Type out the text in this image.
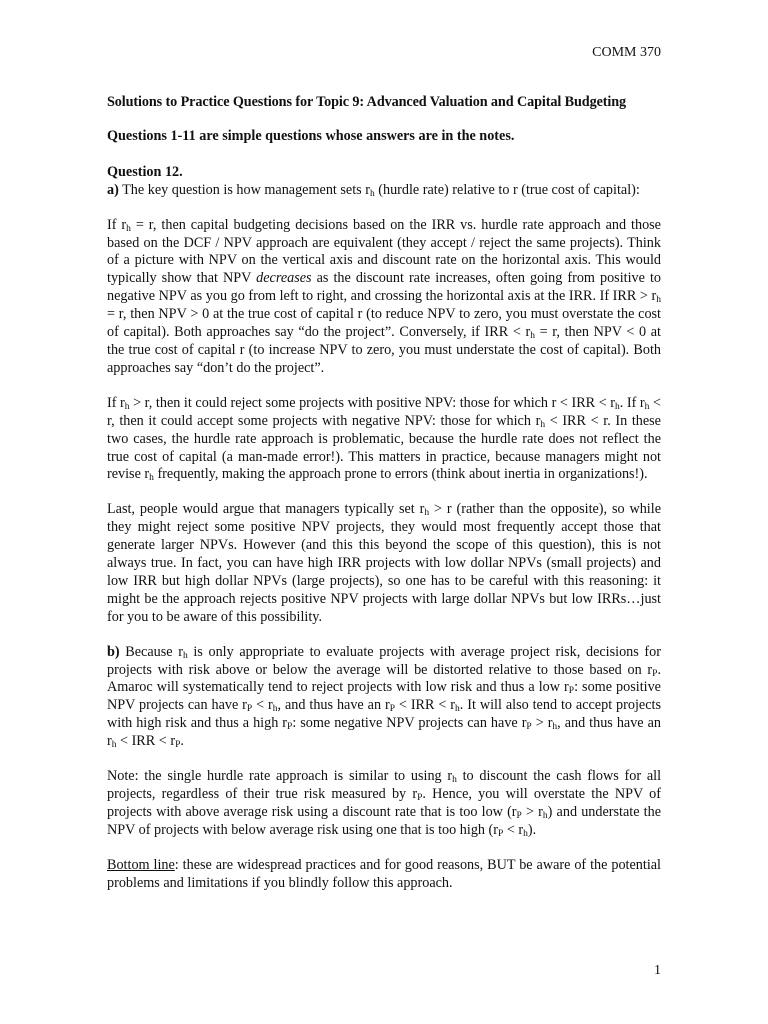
COMM 370
Solutions to Practice Questions for Topic 9: Advanced Valuation and Capital Budgeting
Questions 1-11 are simple questions whose answers are in the notes.
Question 12.

a) The key question is how management sets $r_h$ (hurdle rate) relative to r (true cost of capital):

If $r_h = r$, then capital budgeting decisions based on the IRR vs. hurdle rate approach and those based on the DCF / NPV approach are equivalent (they accept / reject the same projects). Think of a picture with NPV on the vertical axis and discount rate on the horizontal axis. This would typically show that NPV decreases as the discount rate increases, often going from positive to negative NPV as you go from left to right, and crossing the horizontal axis at the IRR. If IRR > $r_h = r$, then NPV > 0 at the true cost of capital r (to reduce NPV to zero, you must overstate the cost of capital). Both approaches say “do the project”. Conversely, if IRR < $r_h = r$, then NPV < 0 at the true cost of capital r (to increase NPV to zero, you must understate the cost of capital). Both approaches say “don’t do the project”.

If $r_h > r$, then it could reject some projects with positive NPV: those for which r < IRR < $r_h$. If $r_h < r$, then it could accept some projects with negative NPV: those for which $r_h$ < IRR < r. In these two cases, the hurdle rate approach is problematic, because the hurdle rate does not reflect the true cost of capital (a man-made error!). This matters in practice, because managers might not revise $r_h$ frequently, making the approach prone to errors (think about inertia in organizations!).

Last, people would argue that managers typically set $r_h > r$ (rather than the opposite), so while they might reject some positive NPV projects, they would most frequently accept those that generate larger NPVs. However (and this this beyond the scope of this question), this is not always true. In fact, you can have high IRR projects with low dollar NPVs (small projects) and low IRR but high dollar NPVs (large projects), so one has to be careful with this reasoning: it might be the approach rejects positive NPV projects with large dollar NPVs but low IRRs…just for you to be aware of this possibility.

b) Because $r_h$ is only appropriate to evaluate projects with average project risk, decisions for projects with risk above or below the average will be distorted relative to those based on $r_P$. Amaroc will systematically tend to reject projects with low risk and thus a low $r_P$: some positive NPV projects can have $r_P < r_h$, and thus have an $r_P$ < IRR < $r_h$. It will also tend to accept projects with high risk and thus a high $r_P$: some negative NPV projects can have $r_P > r_h$, and thus have an $r_h$ < IRR < $r_P$.

Note: the single hurdle rate approach is similar to using $r_h$ to discount the cash flows for all projects, regardless of their true risk measured by $r_P$. Hence, you will overstate the NPV of projects with above average risk using a discount rate that is too low $(r_P > r_h)$ and understate the NPV of projects with below average risk using one that is too high $(r_P < r_h)$.

Bottom line: these are widespread practices and for good reasons, BUT be aware of the potential problems and limitations if you blindly follow this approach.

1
